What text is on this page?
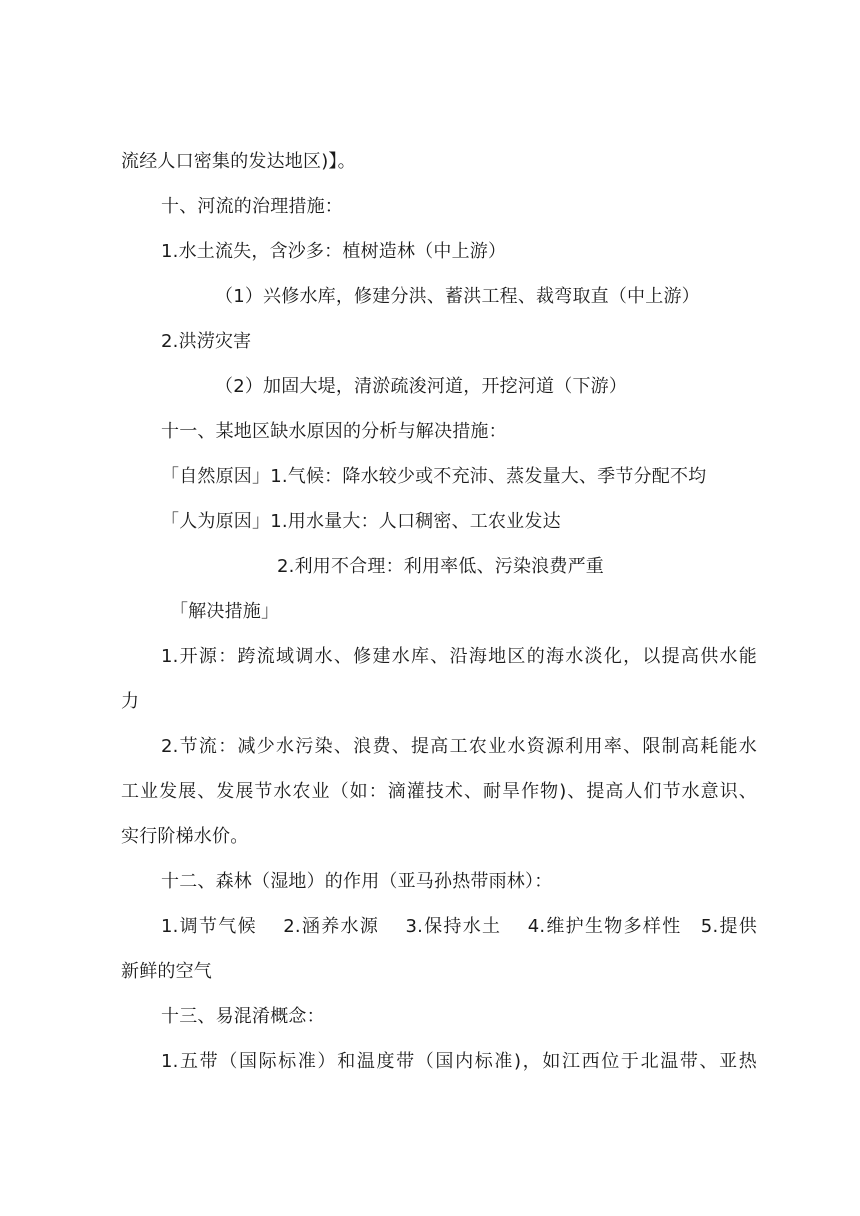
流经人口密集的发达地区)】。
十、河流的治理措施：
1.水土流失，含沙多：植树造林（中上游）
（1）兴修水库，修建分洪、蓄洪工程、裁弯取直（中上游）
2.洪涝灾害
（2）加固大堤，清淤疏浚河道，开挖河道（下游）
十一、某地区缺水原因的分析与解决措施：
「自然原因」1.气候：降水较少或不充沛、蒸发量大、季节分配不均
「人为原因」1.用水量大：人口稠密、工农业发达
2.利用不合理：利用率低、污染浪费严重
「解决措施」
1.开源：跨流域调水、修建水库、沿海地区的海水淡化，以提高供水能
力
2.节流：减少水污染、浪费、提高工农业水资源利用率、限制高耗能水
工业发展、发展节水农业（如：滴灌技术、耐旱作物)、提高人们节水意识、
实行阶梯水价。
十二、森林（湿地）的作用（亚马孙热带雨林）：
1.调节气候　 2.涵养水源　 3.保持水土　 4.维护生物多样性　5.提供
新鲜的空气
十三、易混淆概念：
1.五带（国际标准）和温度带（国内标准)，如江西位于北温带、亚热
